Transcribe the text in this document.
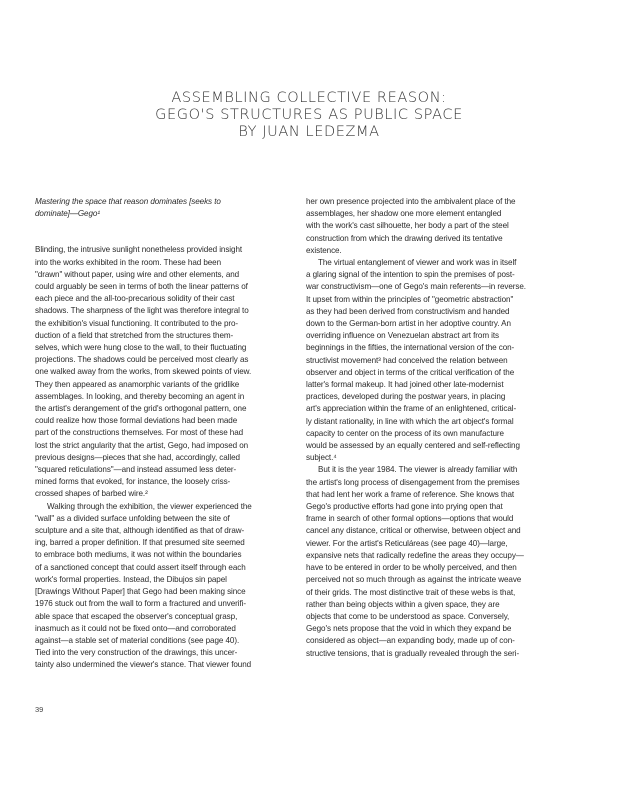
ASSEMBLING COLLECTIVE REASON:
GEGO'S STRUCTURES AS PUBLIC SPACE
BY JUAN LEDEZMA
Mastering the space that reason dominates [seeks to
dominate]—Gego¹
Blinding, the intrusive sunlight nonetheless provided insight
into the works exhibited in the room. These had been
"drawn" without paper, using wire and other elements, and
could arguably be seen in terms of both the linear patterns of
each piece and the all-too-precarious solidity of their cast
shadows. The sharpness of the light was therefore integral to
the exhibition's visual functioning. It contributed to the pro-
duction of a field that stretched from the structures them-
selves, which were hung close to the wall, to their fluctuating
projections. The shadows could be perceived most clearly as
one walked away from the works, from skewed points of view.
They then appeared as anamorphic variants of the gridlike
assemblages. In looking, and thereby becoming an agent in
the artist's derangement of the grid's orthogonal pattern, one
could realize how those formal deviations had been made
part of the constructions themselves. For most of these had
lost the strict angularity that the artist, Gego, had imposed on
previous designs—pieces that she had, accordingly, called
"squared reticulations"—and instead assumed less deter-
mined forms that evoked, for instance, the loosely criss-
crossed shapes of barbed wire.²
Walking through the exhibition, the viewer experienced the
"wall" as a divided surface unfolding between the site of
sculpture and a site that, although identified as that of draw-
ing, barred a proper definition. If that presumed site seemed
to embrace both mediums, it was not within the boundaries
of a sanctioned concept that could assert itself through each
work's formal properties. Instead, the Dibujos sin papel
[Drawings Without Paper] that Gego had been making since
1976 stuck out from the wall to form a fractured and unverifi-
able space that escaped the observer's conceptual grasp,
inasmuch as it could not be fixed onto—and corroborated
against—a stable set of material conditions (see page 40).
Tied into the very construction of the drawings, this uncer-
tainty also undermined the viewer's stance. That viewer found
her own presence projected into the ambivalent place of the
assemblages, her shadow one more element entangled
with the work's cast silhouette, her body a part of the steel
construction from which the drawing derived its tentative
existence.
The virtual entanglement of viewer and work was in itself
a glaring signal of the intention to spin the premises of post-
war constructivism—one of Gego's main referents—in reverse.
It upset from within the principles of "geometric abstraction"
as they had been derived from constructivism and handed
down to the German-born artist in her adoptive country. An
overriding influence on Venezuelan abstract art from its
beginnings in the fifties, the international version of the con-
structivist movement³ had conceived the relation between
observer and object in terms of the critical verification of the
latter's formal makeup. It had joined other late-modernist
practices, developed during the postwar years, in placing
art's appreciation within the frame of an enlightened, critical-
ly distant rationality, in line with which the art object's formal
capacity to center on the process of its own manufacture
would be assessed by an equally centered and self-reflecting
subject.⁴
But it is the year 1984. The viewer is already familiar with
the artist's long process of disengagement from the premises
that had lent her work a frame of reference. She knows that
Gego's productive efforts had gone into prying open that
frame in search of other formal options—options that would
cancel any distance, critical or otherwise, between object and
viewer. For the artist's Reticuláreas (see page 40)—large,
expansive nets that radically redefine the areas they occupy—
have to be entered in order to be wholly perceived, and then
perceived not so much through as against the intricate weave
of their grids. The most distinctive trait of these webs is that,
rather than being objects within a given space, they are
objects that come to be understood as space. Conversely,
Gego's nets propose that the void in which they expand be
considered as object—an expanding body, made up of con-
structive tensions, that is gradually revealed through the seri-
39
